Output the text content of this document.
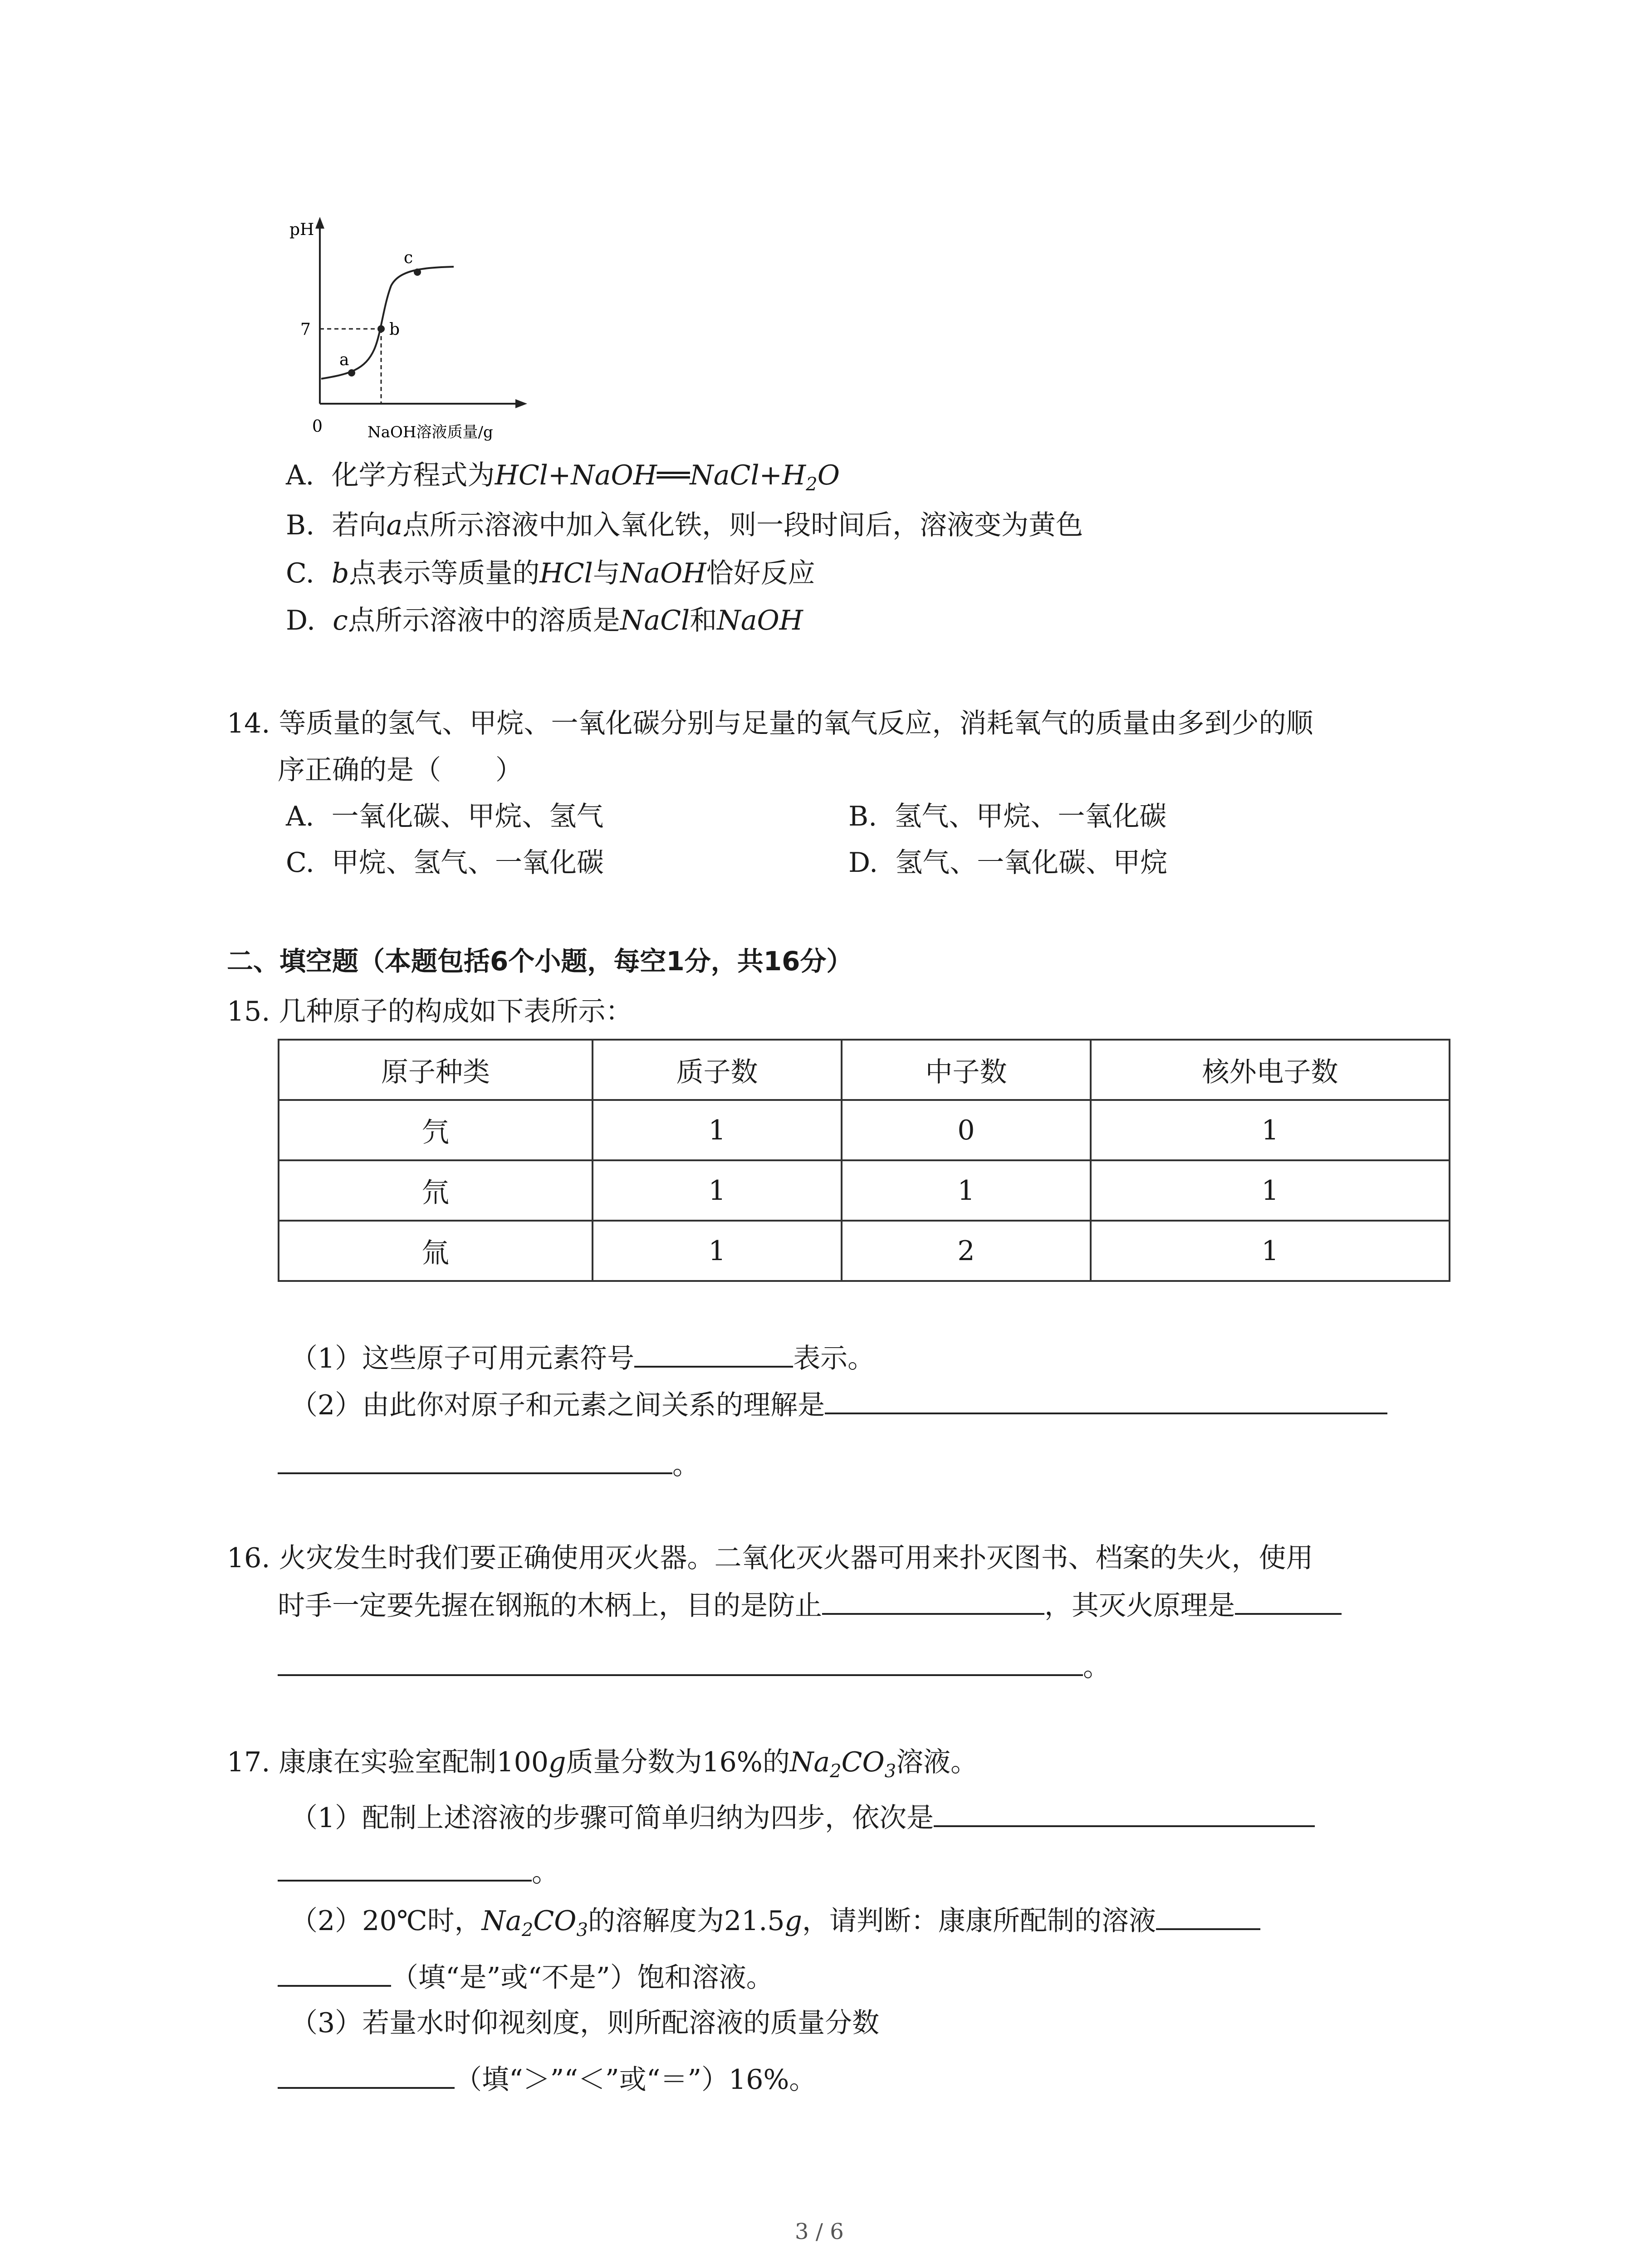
pH
7
0
a
b
c
NaOH溶液质量/g
A. 化学方程式为$HCl+NaOH══NaCl+H_2O$
B. 若向a点所示溶液中加入氧化铁，则一段时间后，溶液变为黄色
C. b点表示等质量的HCl与NaOH恰好反应
D. c点所示溶液中的溶质是NaCl和NaOH
14. 等质量的氢气、甲烷、一氧化碳分别与足量的氧气反应，消耗氧气的质量由多到少的顺
序正确的是（　　）
A. 一氧化碳、甲烷、氢气	B. 氢气、甲烷、一氧化碳
C. 甲烷、氢气、一氧化碳	D. 氢气、一氧化碳、甲烷
二、填空题（本题包括6个小题，每空1分，共16分）
15. 几种原子的构成如下表所示：
原子种类	质子数	中子数	核外电子数
氕	1	0	1
氘	1	1	1
氚	1	2	1
（1）这些原子可用元素符号	表示。
（2）由此你对原子和元素之间关系的理解是
。
16. 火灾发生时我们要正确使用灭火器。二氧化灭火器可用来扑灭图书、档案的失火，使用
时手一定要先握在钢瓶的木柄上，目的是防止	，其灭火原理是
。
17. 康康在实验室配制100g质量分数为16%的$Na_2CO_3$溶液。
（1）配制上述溶液的步骤可简单归纳为四步，依次是
。
（2）20℃时，$Na_2CO_3$的溶解度为21.5g，请判断：康康所配制的溶液
（填“是”或“不是”）饱和溶液。
（3）若量水时仰视刻度，则所配溶液的质量分数
（填“＞”“＜”或“＝”）16%。
3 / 6
